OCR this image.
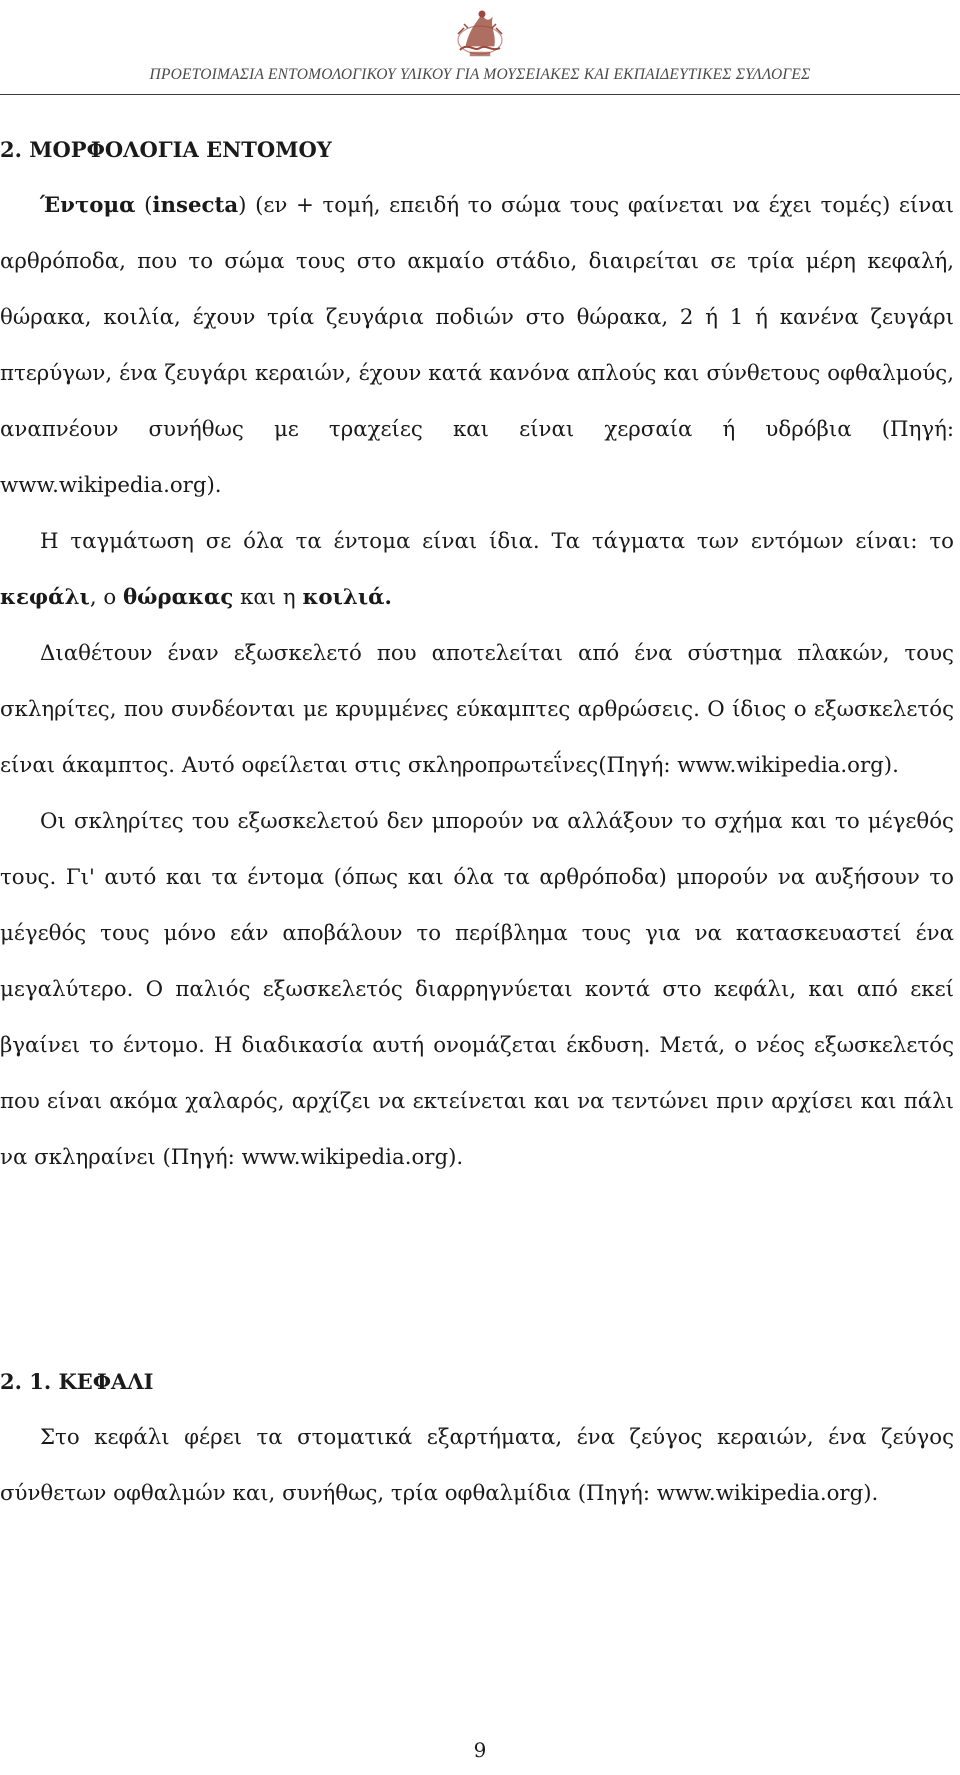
ΠΡΟΕΤΟΙΜΑΣΙΑ ΕΝΤΟΜΟΛΟΓΙΚΟΥ ΥΛΙΚΟΥ ΓΙΑ ΜΟΥΣΕΙΑΚΕΣ ΚΑΙ ΕΚΠΑΙΔΕΥΤΙΚΕΣ ΣΥΛΛΟΓΕΣ
2. ΜΟΡΦΟΛΟΓΙΑ ΕΝΤΟΜΟΥ

Έντομα (insecta) (εν + τομή, επειδή το σώμα τους φαίνεται να έχει τομές) είναι αρθρόποδα, που το σώμα τους στο ακμαίο στάδιο, διαιρείται σε τρία μέρη κεφαλή, θώρακα, κοιλία, έχουν τρία ζευγάρια ποδιών στο θώρακα, 2 ή 1 ή κανένα ζευγάρι πτερύγων, ένα ζευγάρι κεραιών, έχουν κατά κανόνα απλούς και σύνθετους οφθαλμούς, αναπνέουν συνήθως με τραχείες και είναι χερσαία ή υδρόβια (Πηγή: www.wikipedia.org).

Η ταγμάτωση σε όλα τα έντομα είναι ίδια. Τα τάγματα των εντόμων είναι: το κεφάλι, ο θώρακας και η κοιλιά.

Διαθέτουν έναν εξωσκελετό που αποτελείται από ένα σύστημα πλακών, τους σκληρίτες, που συνδέονται με κρυμμένες εύκαμπτες αρθρώσεις. Ο ίδιος ο εξωσκελετός είναι άκαμπτος. Αυτό οφείλεται στις σκληροπρωτεΐνες(Πηγή: www.wikipedia.org).

Οι σκληρίτες του εξωσκελετού δεν μπορούν να αλλάξουν το σχήμα και το μέγεθός τους. Γι' αυτό και τα έντομα (όπως και όλα τα αρθρόποδα) μπορούν να αυξήσουν το μέγεθός τους μόνο εάν αποβάλουν το περίβλημα τους για να κατασκευαστεί ένα μεγαλύτερο. Ο παλιός εξωσκελετός διαρρηγνύεται κοντά στο κεφάλι, και από εκεί βγαίνει το έντομο. Η διαδικασία αυτή ονομάζεται έκδυση. Μετά, ο νέος εξωσκελετός που είναι ακόμα χαλαρός, αρχίζει να εκτείνεται και να τεντώνει πριν αρχίσει και πάλι να σκληραίνει (Πηγή: www.wikipedia.org).

2. 1. ΚΕΦΑΛΙ

Στο κεφάλι φέρει τα στοματικά εξαρτήματα, ένα ζεύγος κεραιών, ένα ζεύγος σύνθετων οφθαλμών και, συνήθως, τρία οφθαλμίδια (Πηγή: www.wikipedia.org).

9
